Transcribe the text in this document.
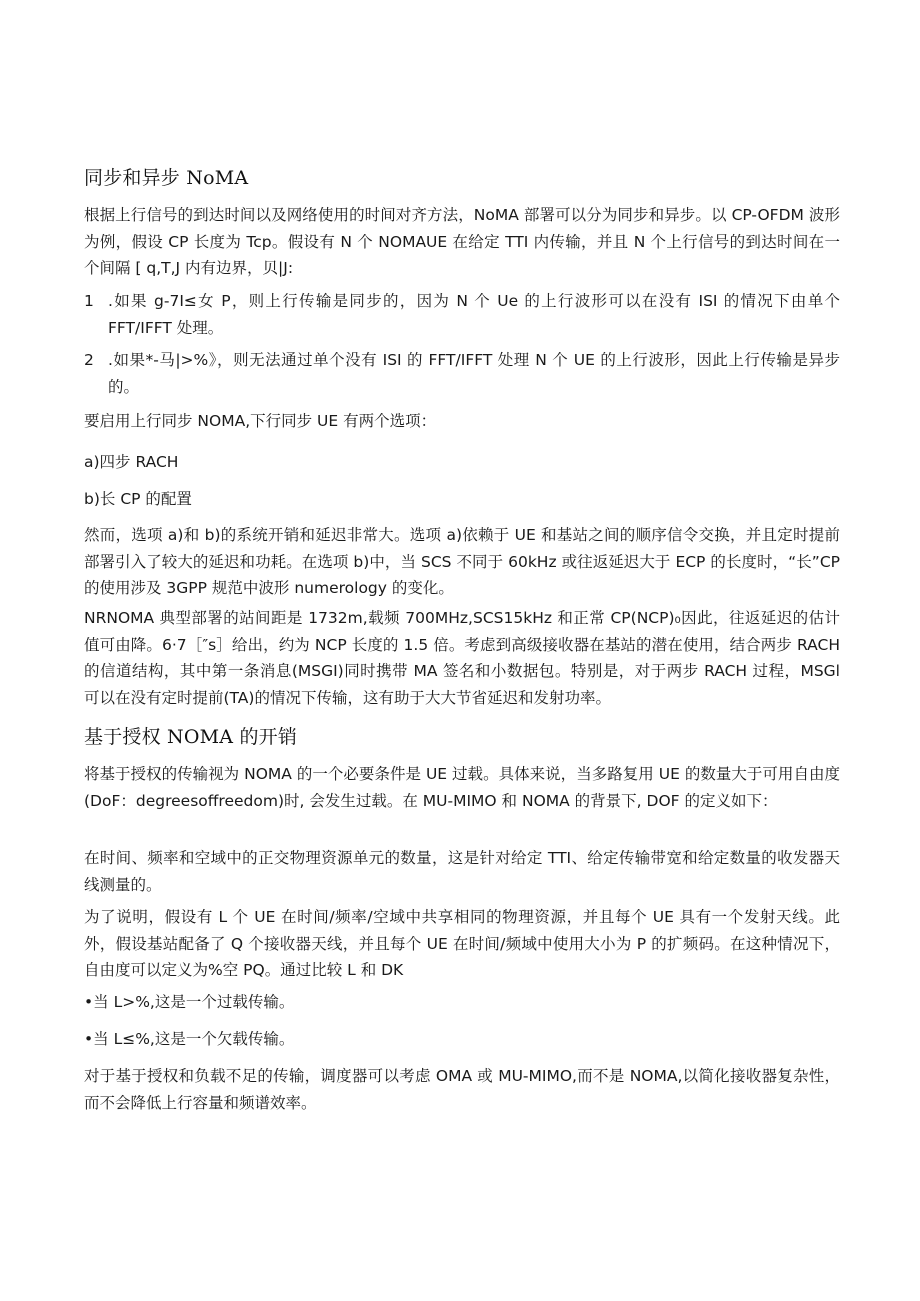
同步和异步 NoMA

根据上行信号的到达时间以及网络使用的时间对齐方法，NoMA 部署可以分为同步和异步。以 CP-OFDM 波形为例，假设 CP 长度为 Tcp。假设有 N 个 NOMAUE 在给定 TTI 内传输，并且 N 个上行信号的到达时间在一个间隔 [ q,T,J 内有边界，贝|J:

1 .如果 g-7I≤女 P，则上行传输是同步的，因为 N 个 Ue 的上行波形可以在没有 ISI 的情况下由单个 FFT/IFFT 处理。
2 .如果*-马|>%》，则无法通过单个没有 ISI 的 FFT/IFFT 处理 N 个 UE 的上行波形，因此上行传输是异步的。

要启用上行同步 NOMA,下行同步 UE 有两个选项：

a)四步 RACH

b)长 CP 的配置

然而，选项 a)和 b)的系统开销和延迟非常大。选项 a)依赖于 UE 和基站之间的顺序信令交换，并且定时提前部署引入了较大的延迟和功耗。在选项 b)中，当 SCS 不同于 60kHz 或往返延迟大于 ECP 的长度时，“长”CP 的使用涉及 3GPP 规范中波形 numerology 的变化。

NRNOMA 典型部署的站间距是 1732m,载频 700MHz,SCS15kHz 和正常 CP(NCP)₀因此，往返延迟的估计值可由降。6·7［″s］给出，约为 NCP 长度的 1.5 倍。考虑到高级接收器在基站的潜在使用，结合两步 RACH 的信道结构，其中第一条消息(MSGI)同时携带 MA 签名和小数据包。特别是，对于两步 RACH 过程，MSGl 可以在没有定时提前(TA)的情况下传输，这有助于大大节省延迟和发射功率。

基于授权 NOMA 的开销

将基于授权的传输视为 NOMA 的一个必要条件是 UE 过载。具体来说，当多路复用 UE 的数量大于可用自由度(DoF：degreesoffreedom)时, 会发生过载。在 MU-MIMO 和 NOMA 的背景下, DOF 的定义如下：

在时间、频率和空域中的正交物理资源单元的数量，这是针对给定 TTI、给定传输带宽和给定数量的收发器天线测量的。

为了说明，假设有 L 个 UE 在时间/频率/空域中共享相同的物理资源，并且每个 UE 具有一个发射天线。此外，假设基站配备了 Q 个接收器天线，并且每个 UE 在时间/频域中使用大小为 P 的扩频码。在这种情况下，自由度可以定义为%空 PQ。通过比较 L 和 DK

•当 L>%,这是一个过载传输。

•当 L≤%,这是一个欠载传输。

对于基于授权和负载不足的传输，调度器可以考虑 OMA 或 MU-MIMO,而不是 NOMA,以简化接收器复杂性，而不会降低上行容量和频谱效率。
